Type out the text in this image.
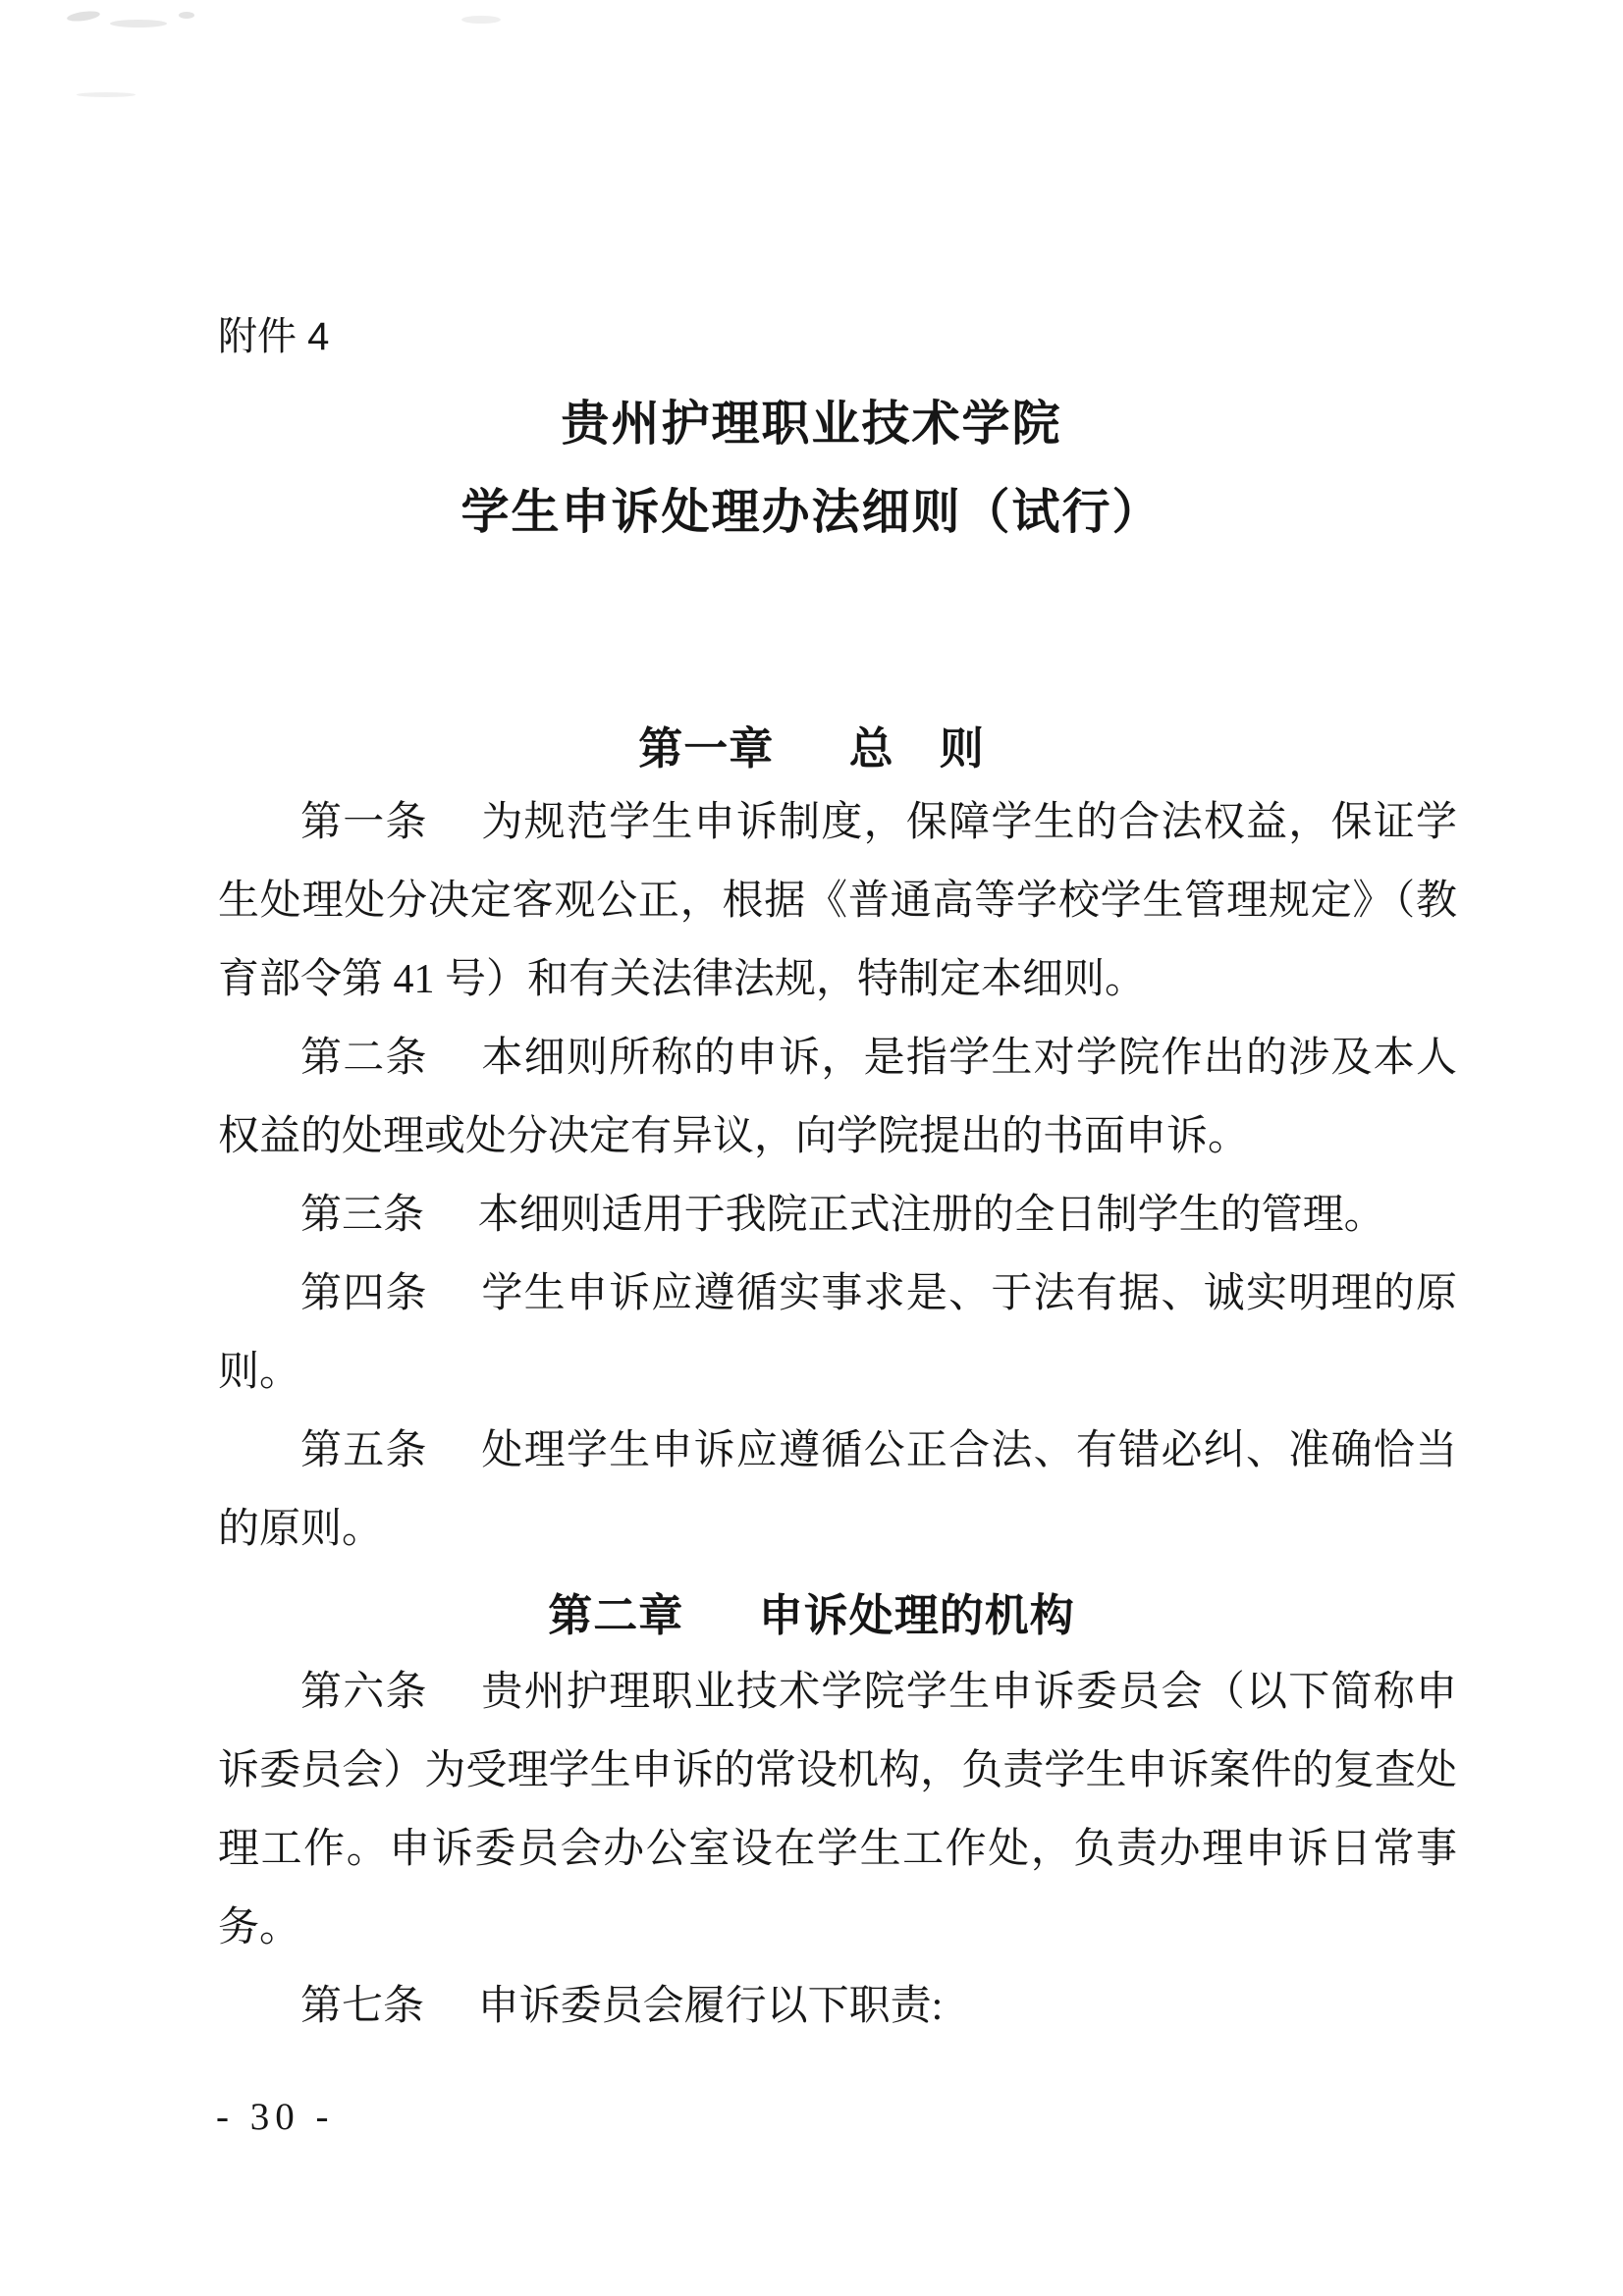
附件 4
贵州护理职业技术学院
学生申诉处理办法细则（试行）
第一章 总　则

第一条 为规范学生申诉制度，保障学生的合法权益，保证学生处理处分决定客观公正，根据《普通高等学校学生管理规定》（教育部令第 41 号）和有关法律法规，特制定本细则。

第二条 本细则所称的申诉，是指学生对学院作出的涉及本人权益的处理或处分决定有异议，向学院提出的书面申诉。

第三条 本细则适用于我院正式注册的全日制学生的管理。

第四条 学生申诉应遵循实事求是、于法有据、诚实明理的原则。

第五条 处理学生申诉应遵循公正合法、有错必纠、准确恰当的原则。

第二章 申诉处理的机构

第六条 贵州护理职业技术学院学生申诉委员会（以下简称申诉委员会）为受理学生申诉的常设机构，负责学生申诉案件的复查处理工作。申诉委员会办公室设在学生工作处，负责办理申诉日常事务。

第七条 申诉委员会履行以下职责:

- 30 -
